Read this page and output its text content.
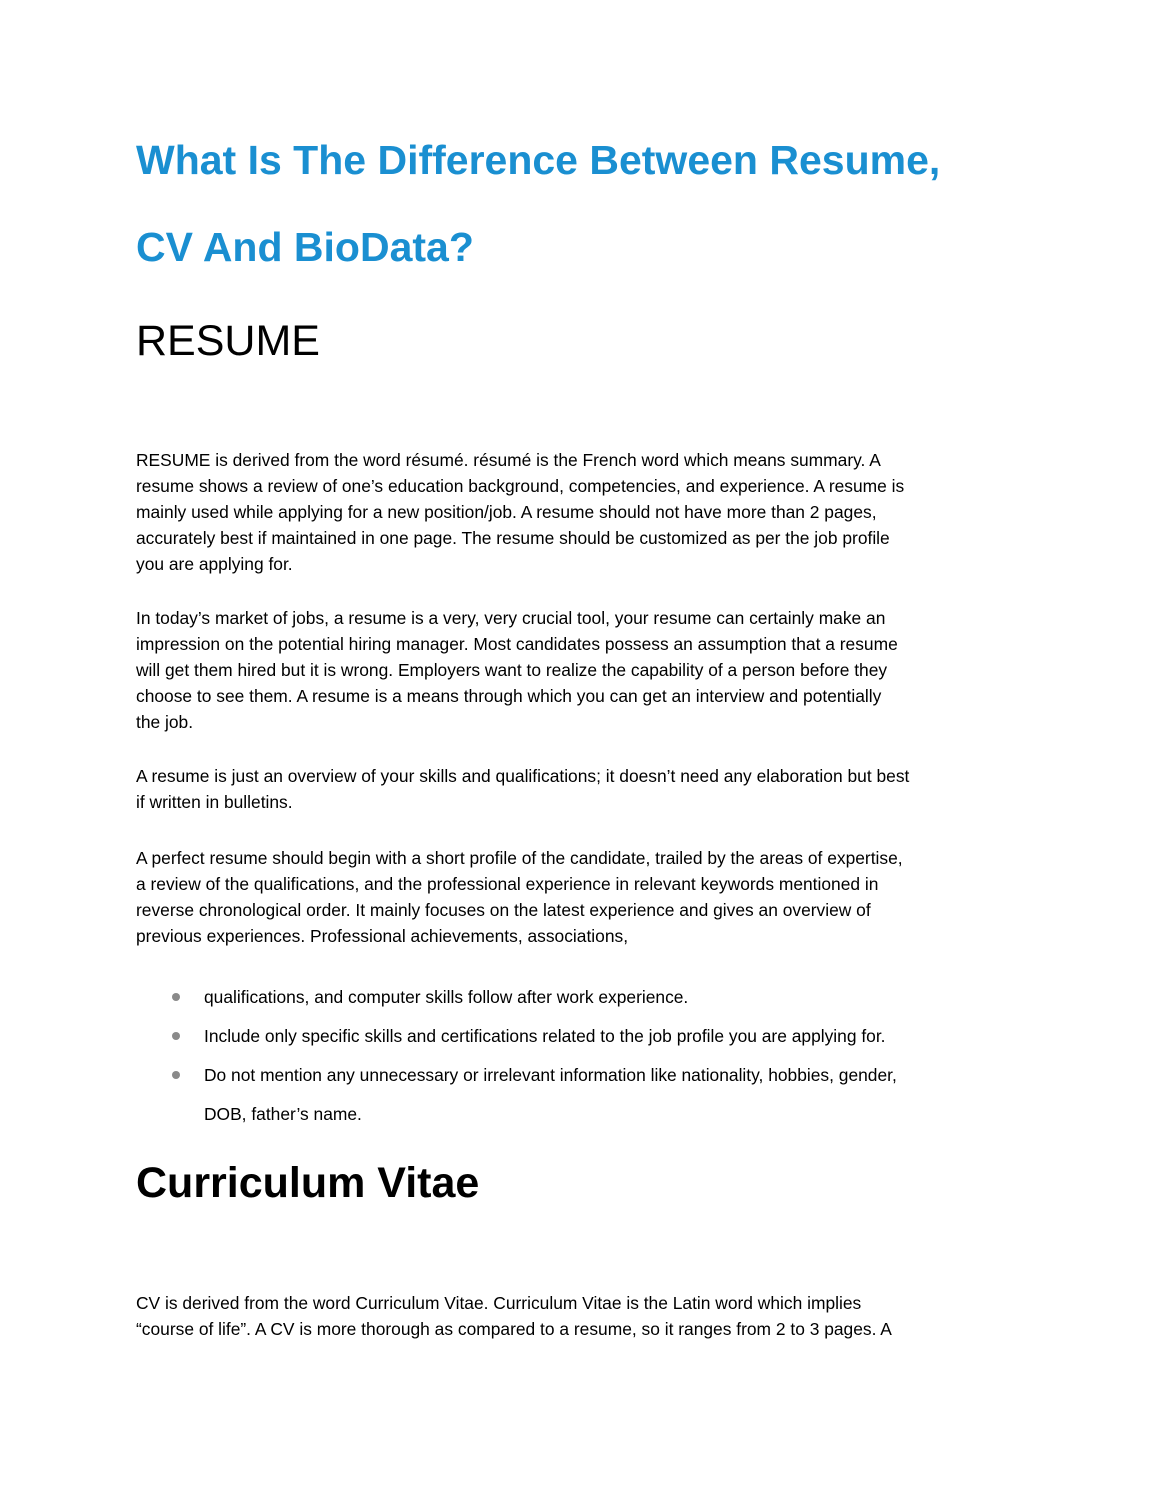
What Is The Difference Between Resume,
CV And BioData?
RESUME

RESUME is derived from the word résumé. résumé is the French word which means summary. A
resume shows a review of one’s education background, competencies, and experience. A resume is
mainly used while applying for a new position/job. A resume should not have more than 2 pages,
accurately best if maintained in one page. The resume should be customized as per the job profile
you are applying for.

In today’s market of jobs, a resume is a very, very crucial tool, your resume can certainly make an
impression on the potential hiring manager. Most candidates possess an assumption that a resume
will get them hired but it is wrong. Employers want to realize the capability of a person before they
choose to see them. A resume is a means through which you can get an interview and potentially
the job.

A resume is just an overview of your skills and qualifications; it doesn’t need any elaboration but best
if written in bulletins.

A perfect resume should begin with a short profile of the candidate, trailed by the areas of expertise,
a review of the qualifications, and the professional experience in relevant keywords mentioned in
reverse chronological order. It mainly focuses on the latest experience and gives an overview of
previous experiences. Professional achievements, associations,

qualifications, and computer skills follow after work experience.
Include only specific skills and certifications related to the job profile you are applying for.
Do not mention any unnecessary or irrelevant information like nationality, hobbies, gender,
DOB, father’s name.
Curriculum Vitae

CV is derived from the word Curriculum Vitae. Curriculum Vitae is the Latin word which implies
“course of life”. A CV is more thorough as compared to a resume, so it ranges from 2 to 3 pages. A
